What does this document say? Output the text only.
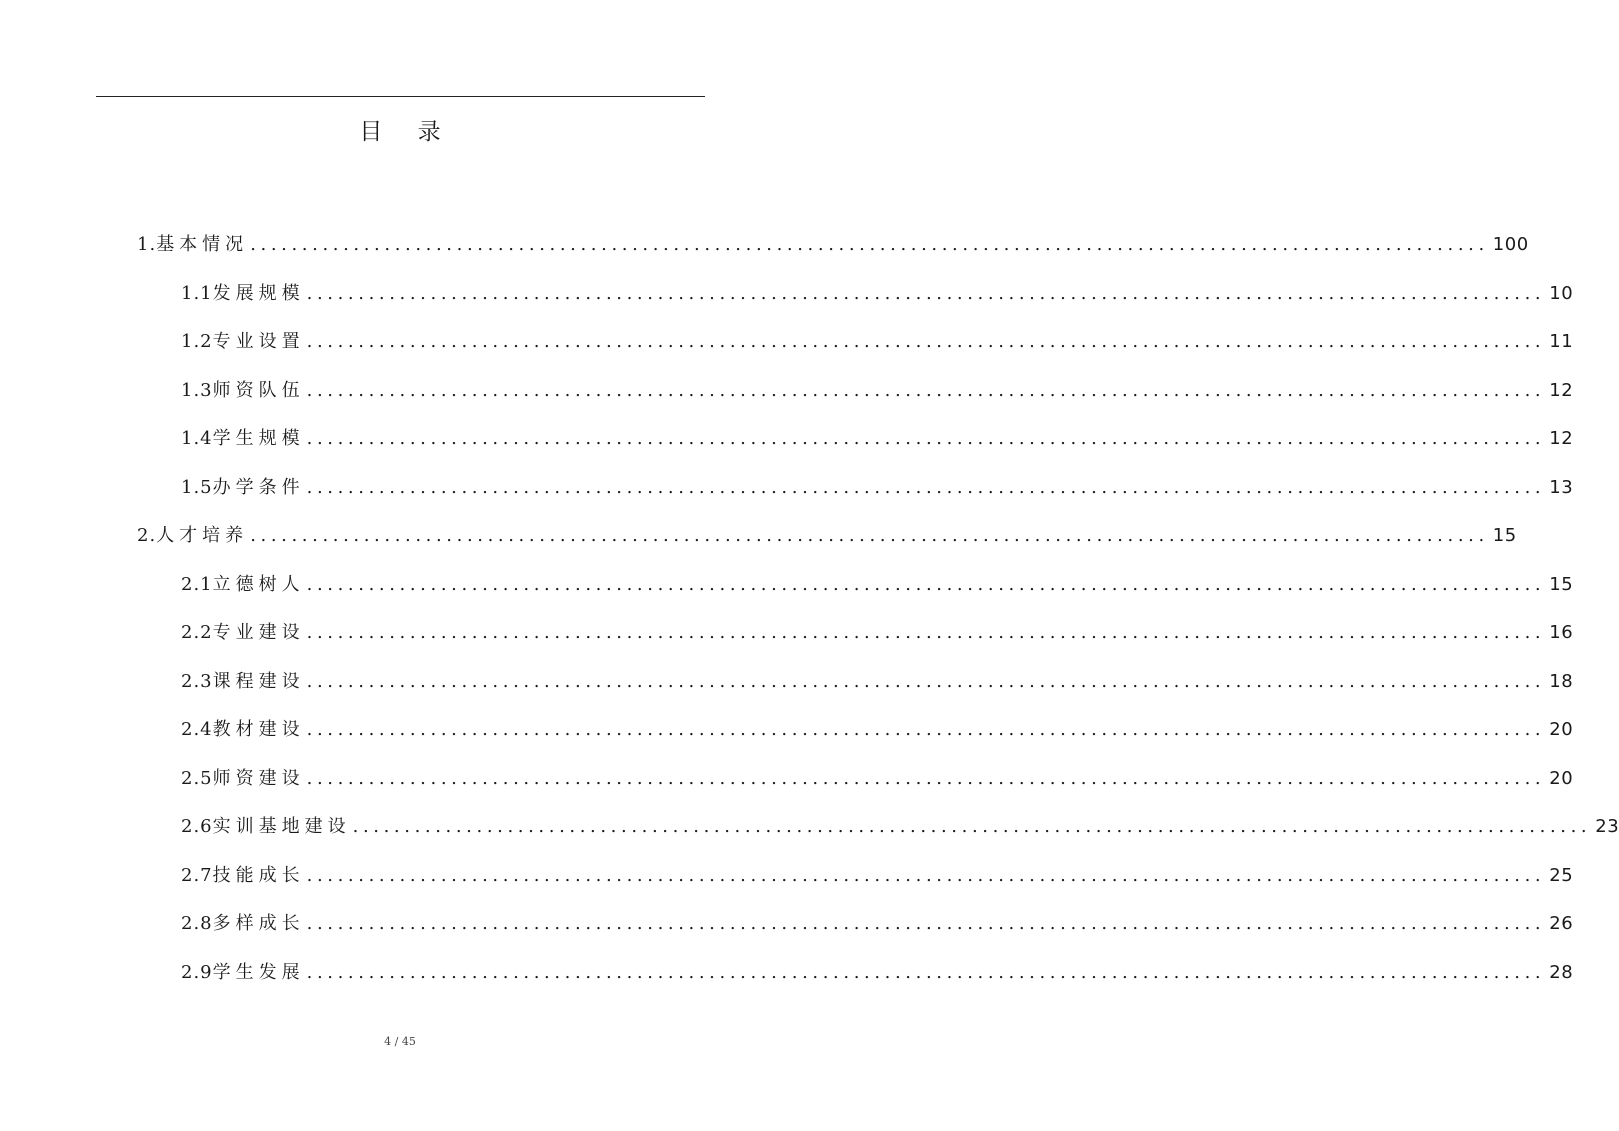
目 录
1. 基本情况 ........................................................................................................................ 100
1.1 发展规模 ........................................................................................................................ 10
1.2 专业设置 ........................................................................................................................ 11
1.3 师资队伍 ........................................................................................................................ 12
1.4 学生规模 ........................................................................................................................ 12
1.5 办学条件 ........................................................................................................................ 13
2. 人才培养 ........................................................................................................................ 15
2.1 立德树人 ........................................................................................................................ 15
2.2 专业建设 ........................................................................................................................ 16
2.3 课程建设 ........................................................................................................................ 18
2.4 教材建设 ........................................................................................................................ 20
2.5 师资建设 ........................................................................................................................ 20
2.6 实训基地建设 ........................................................................................................................ 23
2.7 技能成长 ........................................................................................................................ 25
2.8 多样成长 ........................................................................................................................ 26
2.9 学生发展 ........................................................................................................................ 28
4 / 45
